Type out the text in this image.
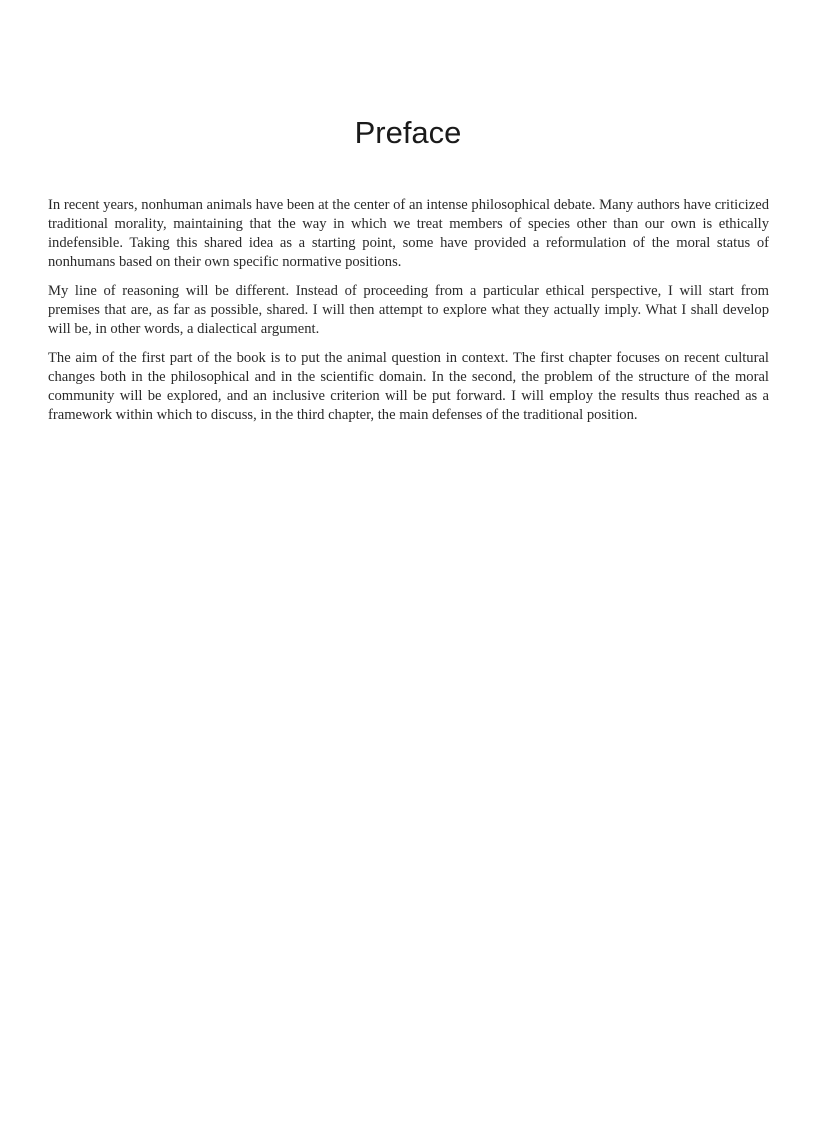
Preface

In recent years, nonhuman animals have been at the center of an intense philosophical debate. Many authors have criticized traditional morality, maintaining that the way in which we treat members of species other than our own is ethically indefensible. Taking this shared idea as a starting point, some have provided a reformulation of the moral status of nonhumans based on their own specific normative positions.

My line of reasoning will be different. Instead of proceeding from a particular ethical perspective, I will start from premises that are, as far as possible, shared. I will then attempt to explore what they actually imply. What I shall develop will be, in other words, a dialectical argument.

The aim of the first part of the book is to put the animal question in context. The first chapter focuses on recent cultural changes both in the philosophical and in the scientific domain. In the second, the problem of the structure of the moral community will be explored, and an inclusive criterion will be put forward. I will employ the results thus reached as a framework within which to discuss, in the third chapter, the main defenses of the traditional position.
